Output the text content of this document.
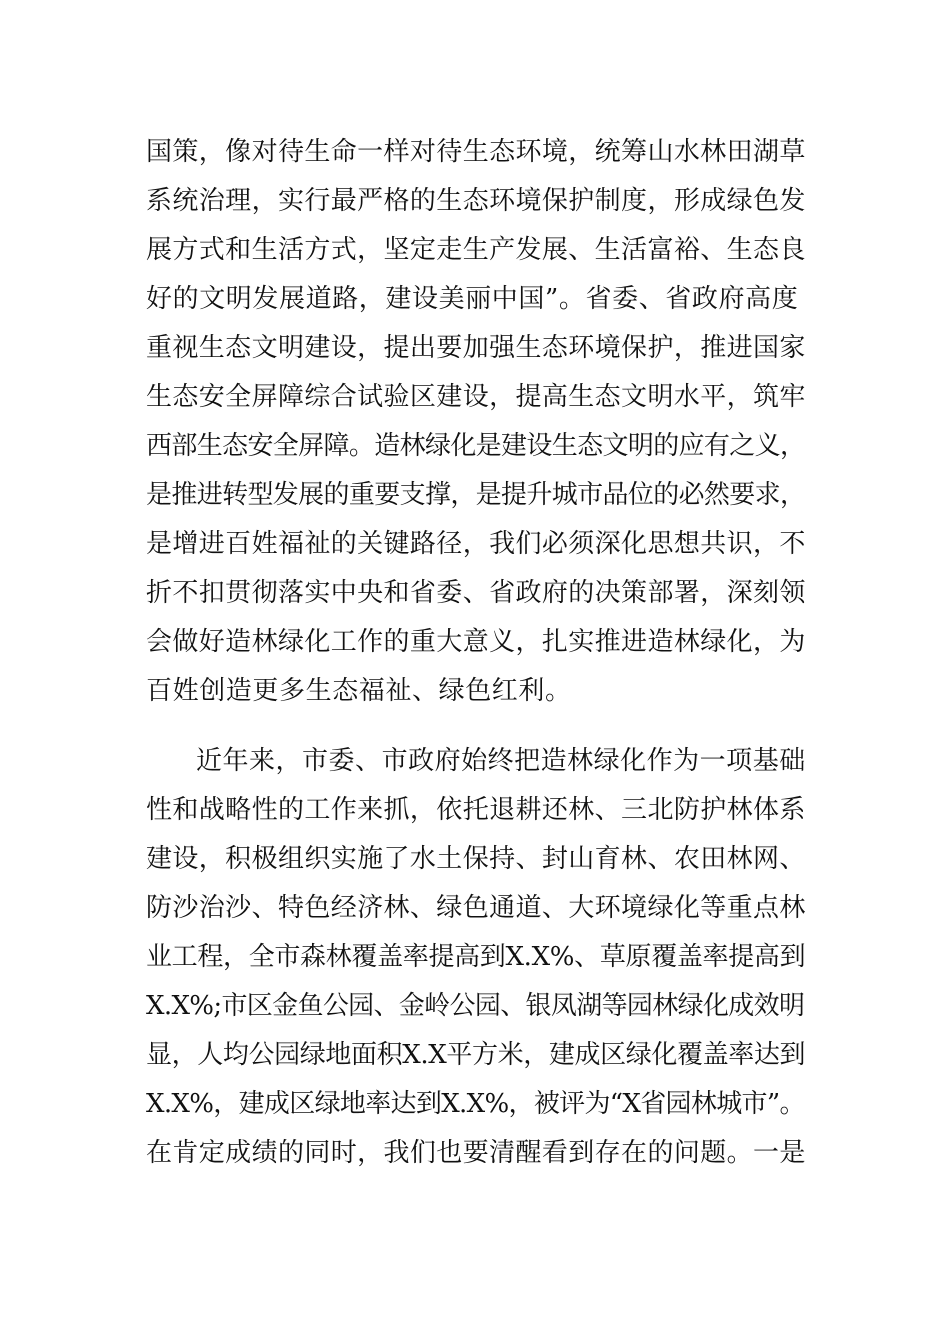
国策，像对待生命一样对待生态环境，统筹山水林田湖草
系统治理，实行最严格的生态环境保护制度，形成绿色发
展方式和生活方式，坚定走生产发展、生活富裕、生态良
好的文明发展道路，建设美丽中国”。省委、省政府高度
重视生态文明建设，提出要加强生态环境保护，推进国家
生态安全屏障综合试验区建设，提高生态文明水平，筑牢
西部生态安全屏障。造林绿化是建设生态文明的应有之义，
是推进转型发展的重要支撑，是提升城市品位的必然要求，
是增进百姓福祉的关键路径，我们必须深化思想共识，不
折不扣贯彻落实中央和省委、省政府的决策部署，深刻领
会做好造林绿化工作的重大意义，扎实推进造林绿化，为
百姓创造更多生态福祉、绿色红利。
近年来，市委、市政府始终把造林绿化作为一项基础
性和战略性的工作来抓，依托退耕还林、三北防护林体系
建设，积极组织实施了水土保持、封山育林、农田林网、
防沙治沙、特色经济林、绿色通道、大环境绿化等重点林
业工程，全市森林覆盖率提高到X.X%、草原覆盖率提高到
X.X%;市区金鱼公园、金岭公园、银凤湖等园林绿化成效明
显，人均公园绿地面积X.X平方米，建成区绿化覆盖率达到
X.X%，建成区绿地率达到X.X%，被评为“X省园林城市”。
在肯定成绩的同时，我们也要清醒看到存在的问题。一是
